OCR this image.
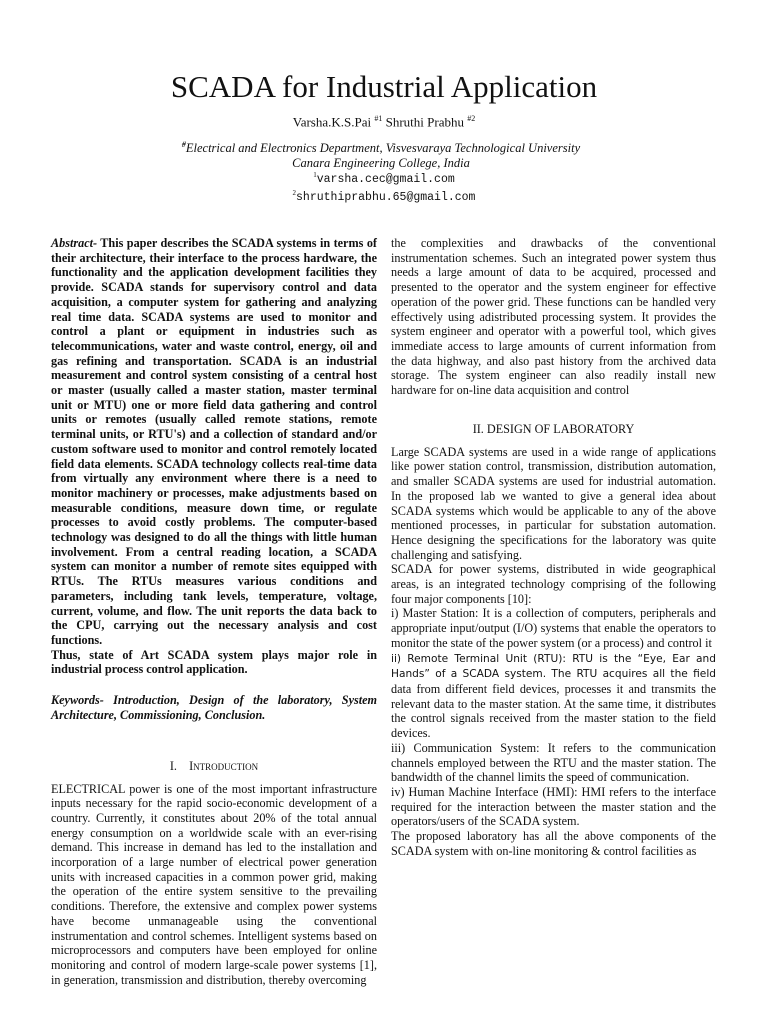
SCADA for Industrial Application
Varsha.K.S.Pai $^{\#1}$ Shruthi Prabhu $^{\#2}$
#Electrical and Electronics Department, Visvesvaraya Technological University
Canara Engineering College, India
$^1$varsha.cec@gmail.com
$^2$shruthiprabhu.65@gmail.com

Abstract- This paper describes the SCADA systems in terms of their architecture, their interface to the process hardware, the functionality and the application development facilities they provide. SCADA stands for supervisory control and data acquisition, a computer system for gathering and analyzing real time data. SCADA systems are used to monitor and control a plant or equipment in industries such as telecommunications, water and waste control, energy, oil and gas refining and transportation. SCADA is an industrial measurement and control system consisting of a central host or master (usually called a master station, master terminal unit or MTU) one or more field data gathering and control units or remotes (usually called remote stations, remote terminal units, or RTU's) and a collection of standard and/or custom software used to monitor and control remotely located field data elements. SCADA technology collects real-time data from virtually any environment where there is a need to monitor machinery or processes, make adjustments based on measurable conditions, measure down time, or regulate processes to avoid costly problems. The computer-based technology was designed to do all the things with little human involvement. From a central reading location, a SCADA system can monitor a number of remote sites equipped with RTUs. The RTUs measures various conditions and parameters, including tank levels, temperature, voltage, current, volume, and flow. The unit reports the data back to the CPU, carrying out the necessary analysis and cost functions.

Thus, state of Art SCADA system plays major role in industrial process control application.

Keywords- Introduction, Design of the laboratory, System Architecture, Commissioning, Conclusion.

I. Introduction

ELECTRICAL power is one of the most important infrastructure inputs necessary for the rapid socio-economic development of a country. Currently, it constitutes about 20% of the total annual energy consumption on a worldwide scale with an ever-rising demand. This increase in demand has led to the installation and incorporation of a large number of electrical power generation units with increased capacities in a common power grid, making the operation of the entire system sensitive to the prevailing conditions. Therefore, the extensive and complex power systems have become unmanageable using the conventional instrumentation and control schemes. Intelligent systems based on microprocessors and computers have been employed for online monitoring and control of modern large-scale power systems [1], in generation, transmission and distribution, thereby overcoming

the complexities and drawbacks of the conventional instrumentation schemes. Such an integrated power system thus needs a large amount of data to be acquired, processed and presented to the operator and the system engineer for effective operation of the power grid. These functions can be handled very effectively using adistributed processing system. It provides the system engineer and operator with a powerful tool, which gives immediate access to large amounts of current information from the data highway, and also past history from the archived data storage. The system engineer can also readily install new hardware for on-line data acquisition and control

II. DESIGN OF LABORATORY

Large SCADA systems are used in a wide range of applications like power station control, transmission, distribution automation, and smaller SCADA systems are used for industrial automation. In the proposed lab we wanted to give a general idea about SCADA systems which would be applicable to any of the above mentioned processes, in particular for substation automation. Hence designing the specifications for the laboratory was quite challenging and satisfying.

SCADA for power systems, distributed in wide geographical areas, is an integrated technology comprising of the following four major components [10]:

i) Master Station: It is a collection of computers, peripherals and appropriate input/output (I/O) systems that enable the operators to monitor the state of the power system (or a process) and control it

ii) Remote Terminal Unit (RTU): RTU is the “Eye, Ear and Hands” of a SCADA system. The RTU acquires all the field data from different field devices, processes it and transmits the relevant data to the master station. At the same time, it distributes the control signals received from the master station to the field devices.

iii) Communication System: It refers to the communication channels employed between the RTU and the master station. The bandwidth of the channel limits the speed of communication.

iv) Human Machine Interface (HMI): HMI refers to the interface required for the interaction between the master station and the operators/users of the SCADA system.

The proposed laboratory has all the above components of the SCADA system with on-line monitoring & control facilities as
